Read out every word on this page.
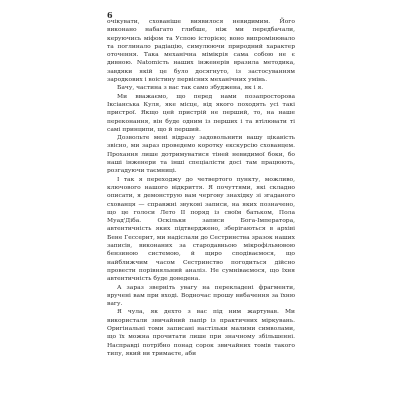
6

очікувати, схованіше виявилося невидимим. Його виконано набагато глибше, ніж ми передбачали, керуючись міфом та Успою історією; воно випромінювало та поглинало радіацію, симулюючи природний характер оточення. Така механічна мімікрія сама собою не є дивною. Natomість наших інженерів вразила методика, завдяки якій це було досягнуто, із застосуванням зародкових і воістину первісних механічних умінь.

Бачу, частина з вас так само збуджена, як і я.

Ми вважаємо, що перед нами позапросторова Іксіанська Куля, яке місце, від якого походять усі такі пристрої. Якщо цей пристрій не перший, то, на наше переконання, він буде одним із перших і та втілювати ті самі принципи, що й перший.

Дозвольте мені відразу задовольнити вашу цікавість звісно, ми зараз проведемо коротку екскурсію схованцем. Прохання лише дотримуватися тіней невидимої боки, бо наші інженери та інші спеціалісти досі там працюють, розгадуючи таємниці.

І так я переходжу до четвертого пункту, можливо, ключового нашого відкриття. Я почуттями, які складно описати, я демонструю вам чергову знахідку зі згаданого схованця — справжні звукові записи, на яких позначено, що це голоси Лето ІІ поряд із своїм батьком, Пола Муад'Діба. Оскільки записи Бога-Імператора, автентичність яких підтверджено, зберігаються в архіві Бене Гессерит, ми надіслали до Сестринства зразок наших записів, виконаних за стародавньою мікрофільмовою бензиною системою, й щиро сподіваємося, що найближчим часом Сестринство погодиться дійсно провести порівняльний аналіз. Не сумніваємося, що їхня автентичність буде доведена.

А зараз зверніть увагу на перекладені фрагменти, вручені вам при вході. Водночас прошу вибачення за їхню вагу.

Я чула, як дехто з вас під ним жартував. Ми використали звичайний папір із практичних міркувань. Оригінальні томи записані настільки малими символами, що їх можна прочитати лише при значному збільшенні. Насправді потрібно понад сорок звичайних томів такого типу, який ви тримаєте, аби
